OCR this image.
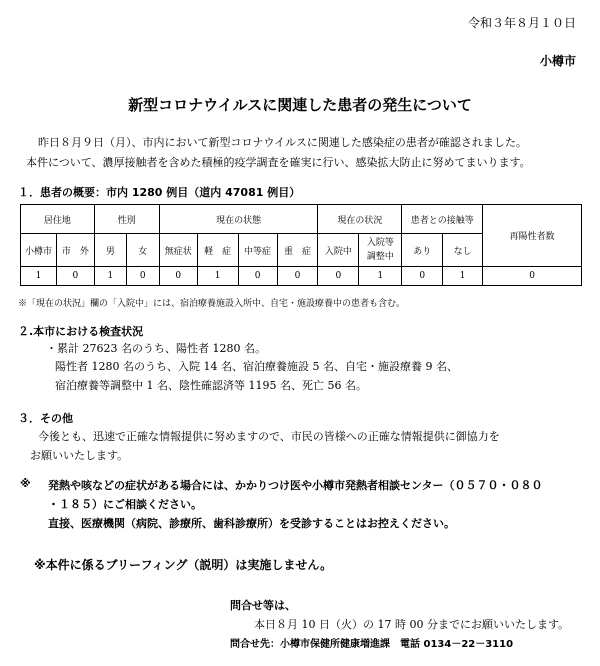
令和３年８月１０日
小樽市
新型コロナウイルスに関連した患者の発生について
昨日８月９日（月）、市内において新型コロナウイルスに関連した感染症の患者が確認されました。
本件について、濃厚接触者を含めた積極的疫学調査を確実に行い、感染拡大防止に努めてまいります。
１．患者の概要：市内 1280 例目（道内 47081 例目）
居住地		性別		現在の状態				現在の状況		患者との接触等		再陽性者数
小樽市	市　外	男	女	無症状	軽　症	中等症	重　症	入院中	入院等調整中	あり	なし	
1	0	1	0	0	1	0	0	0	1	0	1	0
※「現在の状況」欄の「入院中」には、宿泊療養施設入所中、自宅・施設療養中の患者も含む。
２.本市における検査状況
・累計 27623 名のうち、陽性者 1280 名。
陽性者 1280 名のうち、入院 14 名、宿泊療養施設 5 名、自宅・施設療養 9 名、
宿泊療養等調整中 1 名、陰性確認済等 1195 名、死亡 56 名。
３．その他
今後とも、迅速で正確な情報提供に努めますので、市民の皆様への正確な情報提供に御協力を
お願いいたします。
※ 発熱や咳などの症状がある場合には、かかりつけ医や小樽市発熱者相談センター（０５７０・０８０
・１８５）にご相談ください。
直接、医療機関（病院、診療所、歯科診療所）を受診することはお控えください。
※本件に係るブリーフィング（説明）は実施しません。
問合せ等は、
本日８月 10 日（火）の 17 時 00 分までにお願いいたします。
問合せ先：小樽市保健所健康増進課　電話 0134－22－3110
